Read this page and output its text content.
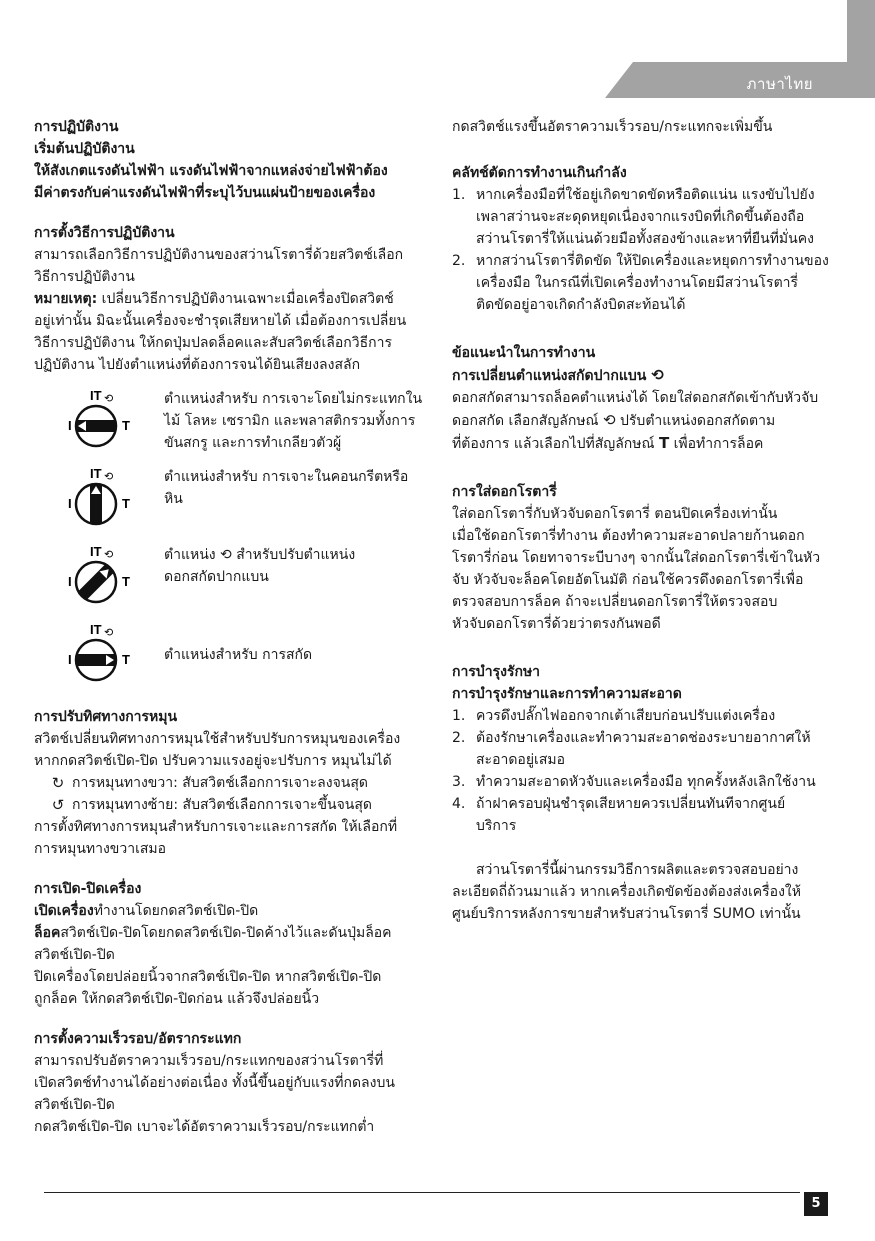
ภาษาไทย

การปฏิบัติงาน

เริ่มต้นปฏิบัติงาน

ให้สังเกตแรงดันไฟฟ้า แรงดันไฟฟ้าจากแหล่งจ่ายไฟฟ้าต้อง

มีค่าตรงกับค่าแรงดันไฟฟ้าที่ระบุไว้บนแผ่นป้ายของเครื่อง

การตั้งวิธีการปฏิบัติงาน

สามารถเลือกวิธีการปฏิบัติงานของสว่านโรตารี่ด้วยสวิตช์เลือก

วิธีการปฏิบัติงาน

หมายเหตุ: เปลี่ยนวิธีการปฏิบัติงานเฉพาะเมื่อเครื่องปิดสวิตช์

อยู่เท่านั้น มิฉะนั้นเครื่องจะชำรุดเสียหายได้ เมื่อต้องการเปลี่ยน

วิธีการปฏิบัติงาน ให้กดปุ่มปลดล็อคและสับสวิตช์เลือกวิธีการ

ปฏิบัติงาน ไปยังตำแหน่งที่ต้องการจนได้ยินเสียงลงสลัก

IT ⟲
I	T
ตำแหน่งสำหรับ การเจาะโดยไม่กระแทกใน
ไม้ โลหะ เซรามิก และพลาสติกรวมทั้งการ
ขันสกรู และการทำเกลียวตัวผู้
IT ⟲
I	T
ตำแหน่งสำหรับ การเจาะในคอนกรีตหรือ
หิน
IT ⟲
I	T
ตำแหน่ง ⟲ สำหรับปรับตำแหน่ง
ดอกสกัดปากแบน
IT ⟲
I	T ตำแหน่งสำหรับ การสกัด

การปรับทิศทางการหมุน

สวิตช์เปลี่ยนทิศทางการหมุนใช้สำหรับปรับการหมุนของเครื่อง

หากกดสวิตช์เปิด-ปิด ปรับความแรงอยู่จะปรับการ หมุนไม่ได้

↻ การหมุนทางขวา: สับสวิตช์เลือกการเจาะลงจนสุด
↺ การหมุนทางซ้าย: สับสวิตช์เลือกการเจาะขึ้นจนสุด

การตั้งทิศทางการหมุนสำหรับการเจาะและการสกัด ให้เลือกที่

การหมุนทางขวาเสมอ

การเปิด-ปิดเครื่อง

เปิดเครื่องทำงานโดยกดสวิตช์เปิด-ปิด

ล็อคสวิตช์เปิด-ปิดโดยกดสวิตช์เปิด-ปิดค้างไว้และดันปุ่มล็อค

สวิตช์เปิด-ปิด

ปิดเครื่องโดยปล่อยนิ้วจากสวิตช์เปิด-ปิด หากสวิตช์เปิด-ปิด

ถูกล็อค ให้กดสวิตช์เปิด-ปิดก่อน แล้วจึงปล่อยนิ้ว

การตั้งความเร็วรอบ/อัตรากระแทก

สามารถปรับอัตราความเร็วรอบ/กระแทกของสว่านโรตารี่ที่

เปิดสวิตช์ทำงานได้อย่างต่อเนื่อง ทั้งนี้ขึ้นอยู่กับแรงที่กดลงบน

สวิตช์เปิด-ปิด

กดสวิตช์เปิด-ปิด เบาจะได้อัตราความเร็วรอบ/กระแทกต่ำ

กดสวิตช์แรงขึ้นอัตราความเร็วรอบ/กระแทกจะเพิ่มขึ้น

คลัทช์ตัดการทำงานเกินกำลัง

1. หากเครื่องมือที่ใช้อยู่เกิดขาดขัดหรือติดแน่น แรงขับไปยัง
เพลาสว่านจะสะดุดหยุดเนื่องจากแรงบิดที่เกิดขึ้นต้องถือ
สว่านโรตารี่ให้แน่นด้วยมือทั้งสองข้างและหาที่ยืนที่มั่นคง
2. หากสว่านโรตารี่ติดขัด ให้ปิดเครื่องและหยุดการทำงานของ
เครื่องมือ ในกรณีที่เปิดเครื่องทำงานโดยมีสว่านโรตารี่
ติดขัดอยู่อาจเกิดกำลังบิดสะท้อนได้

ข้อแนะนำในการทำงาน

การเปลี่ยนตำแหน่งสกัดปากแบน ⟲

ดอกสกัดสามารถล็อคตำแหน่งได้ โดยใส่ดอกสกัดเข้ากับหัวจับ

ดอกสกัด เลือกสัญลักษณ์ ⟲ ปรับตำแหน่งดอกสกัดตาม

ที่ต้องการ แล้วเลือกไปที่สัญลักษณ์ T เพื่อทำการล็อค

การใส่ดอกโรตารี่

ใส่ดอกโรตารี่กับหัวจับดอกโรตารี่ ตอนปิดเครื่องเท่านั้น

เมื่อใช้ดอกโรตารี่ทำงาน ต้องทำความสะอาดปลายก้านดอก

โรตารี่ก่อน โดยทาจาระบีบางๆ จากนั้นใส่ดอกโรตารี่เข้าในหัว

จับ หัวจับจะล็อคโดยอัตโนมัติ ก่อนใช้ควรดึงดอกโรตารี่เพื่อ

ตรวจสอบการล็อค ถ้าจะเปลี่ยนดอกโรตารี่ให้ตรวจสอบ

หัวจับดอกโรตารี่ด้วยว่าตรงกันพอดี

การบำรุงรักษา

การบำรุงรักษาและการทำความสะอาด

1. ควรดึงปลั๊กไฟออกจากเต้าเสียบก่อนปรับแต่งเครื่อง
2. ต้องรักษาเครื่องและทำความสะอาดช่องระบายอากาศให้
สะอาดอยู่เสมอ
3. ทำความสะอาดหัวจับและเครื่องมือ ทุกครั้งหลังเลิกใช้งาน
4. ถ้าฝาครอบฝุ่นชำรุดเสียหายควรเปลี่ยนทันทีจากศูนย์
บริการ

สว่านโรตารี่นี้ผ่านกรรมวิธีการผลิตและตรวจสอบอย่าง

ละเอียดถี่ถ้วนมาแล้ว หากเครื่องเกิดขัดข้องต้องส่งเครื่องให้

ศูนย์บริการหลังการขายสำหรับสว่านโรตารี่ SUMO เท่านั้น

5
